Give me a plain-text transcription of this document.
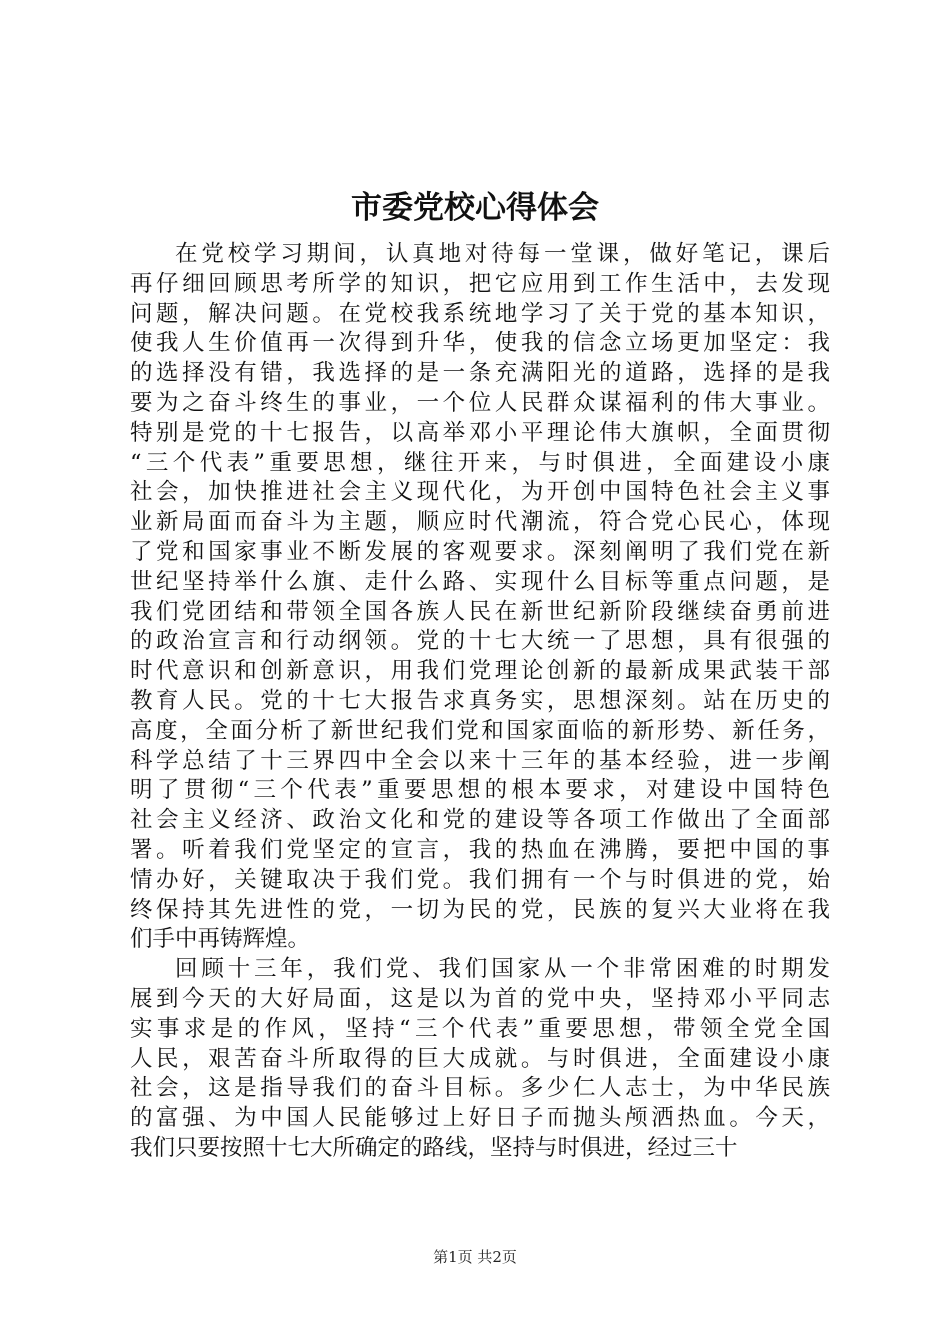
市委党校心得体会
在党校学习期间，认真地对待每一堂课，做好笔记，课后
再仔细回顾思考所学的知识，把它应用到工作生活中，去发现
问题，解决问题。在党校我系统地学习了关于党的基本知识，
使我人生价值再一次得到升华，使我的信念立场更加坚定：我
的选择没有错，我选择的是一条充满阳光的道路，选择的是我
要为之奋斗终生的事业，一个位人民群众谋福利的伟大事业。
特别是党的十七报告，以高举邓小平理论伟大旗帜，全面贯彻
“三个代表”重要思想，继往开来，与时俱进，全面建设小康
社会，加快推进社会主义现代化，为开创中国特色社会主义事
业新局面而奋斗为主题，顺应时代潮流，符合党心民心，体现
了党和国家事业不断发展的客观要求。深刻阐明了我们党在新
世纪坚持举什么旗、走什么路、实现什么目标等重点问题，是
我们党团结和带领全国各族人民在新世纪新阶段继续奋勇前进
的政治宣言和行动纲领。党的十七大统一了思想，具有很强的
时代意识和创新意识，用我们党理论创新的最新成果武装干部
教育人民。党的十七大报告求真务实，思想深刻。站在历史的
高度，全面分析了新世纪我们党和国家面临的新形势、新任务，
科学总结了十三界四中全会以来十三年的基本经验，进一步阐
明了贯彻“三个代表”重要思想的根本要求，对建设中国特色
社会主义经济、政治文化和党的建设等各项工作做出了全面部
署。听着我们党坚定的宣言，我的热血在沸腾，要把中国的事
情办好，关键取决于我们党。我们拥有一个与时俱进的党，始
终保持其先进性的党，一切为民的党，民族的复兴大业将在我
们手中再铸辉煌。
回顾十三年，我们党、我们国家从一个非常困难的时期发
展到今天的大好局面，这是以为首的党中央，坚持邓小平同志
实事求是的作风，坚持“三个代表”重要思想，带领全党全国
人民，艰苦奋斗所取得的巨大成就。与时俱进，全面建设小康
社会，这是指导我们的奋斗目标。多少仁人志士，为中华民族
的富强、为中国人民能够过上好日子而抛头颅洒热血。今天，
我们只要按照十七大所确定的路线，坚持与时俱进，经过三十
第1页 共2页
